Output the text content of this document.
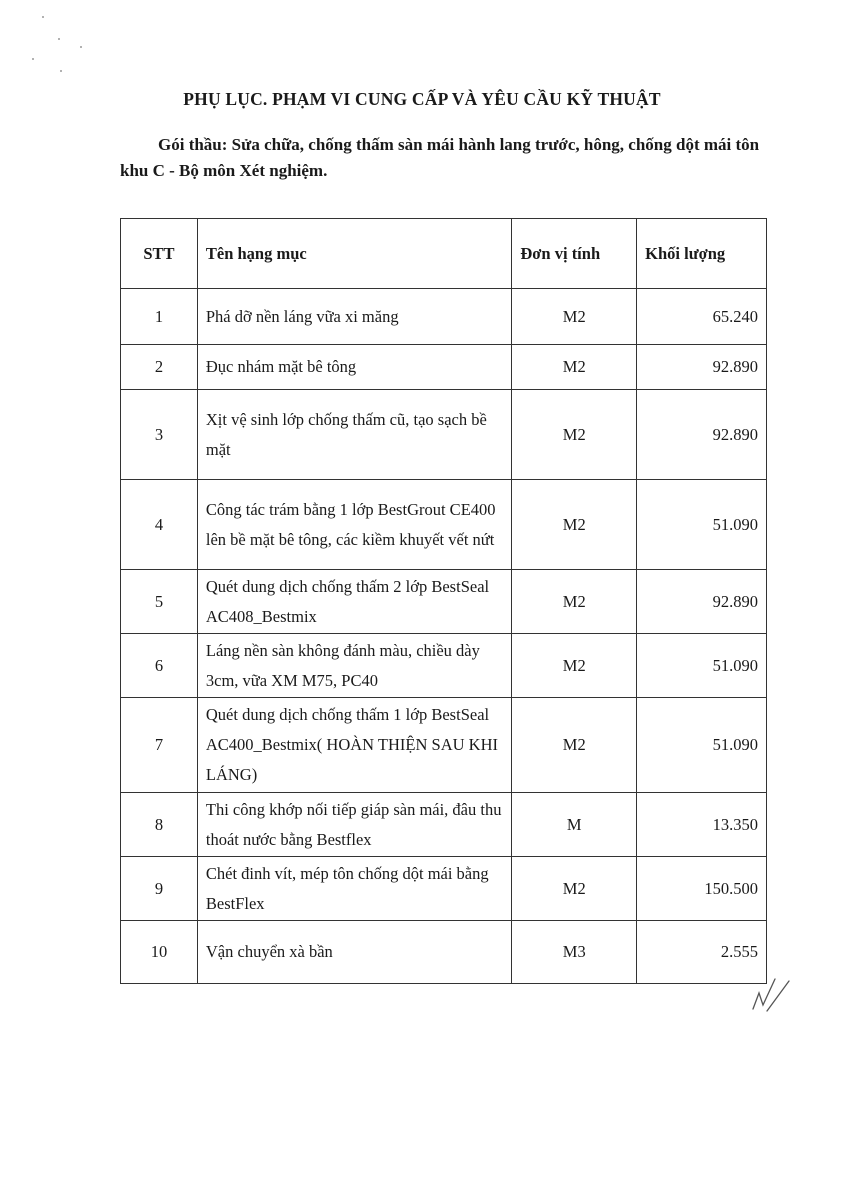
PHỤ LỤC. PHẠM VI CUNG CẤP VÀ YÊU CẦU KỸ THUẬT
Gói thầu: Sửa chữa, chống thấm sàn mái hành lang trước, hông, chống dột mái tôn khu C - Bộ môn Xét nghiệm.
STT	Tên hạng mục	Đơn vị tính	Khối lượng
1	Phá dỡ nền láng vữa xi măng	M2	65.240
2	Đục nhám mặt bê tông	M2	92.890
3	Xịt vệ sinh lớp chống thấm cũ, tạo sạch bề mặt	M2	92.890
4	Công tác trám bằng 1 lớp BestGrout CE400 lên bề mặt bê tông, các kiềm khuyết vết nứt	M2	51.090
5	Quét dung dịch chống thấm 2 lớp BestSeal AC408_Bestmix	M2	92.890
6	Láng nền sàn không đánh màu, chiều dày 3cm, vữa XM M75, PC40	M2	51.090
7	Quét dung dịch chống thấm 1 lớp BestSeal AC400_Bestmix( HOÀN THIỆN SAU KHI LÁNG)	M2	51.090
8	Thi công khớp nối tiếp giáp sàn mái, đâu thu thoát nước bằng Bestflex	M	13.350
9	Chét đinh vít, mép tôn chống dột mái bằng BestFlex	M2	150.500
10	Vận chuyển xà bần	M3	2.555
